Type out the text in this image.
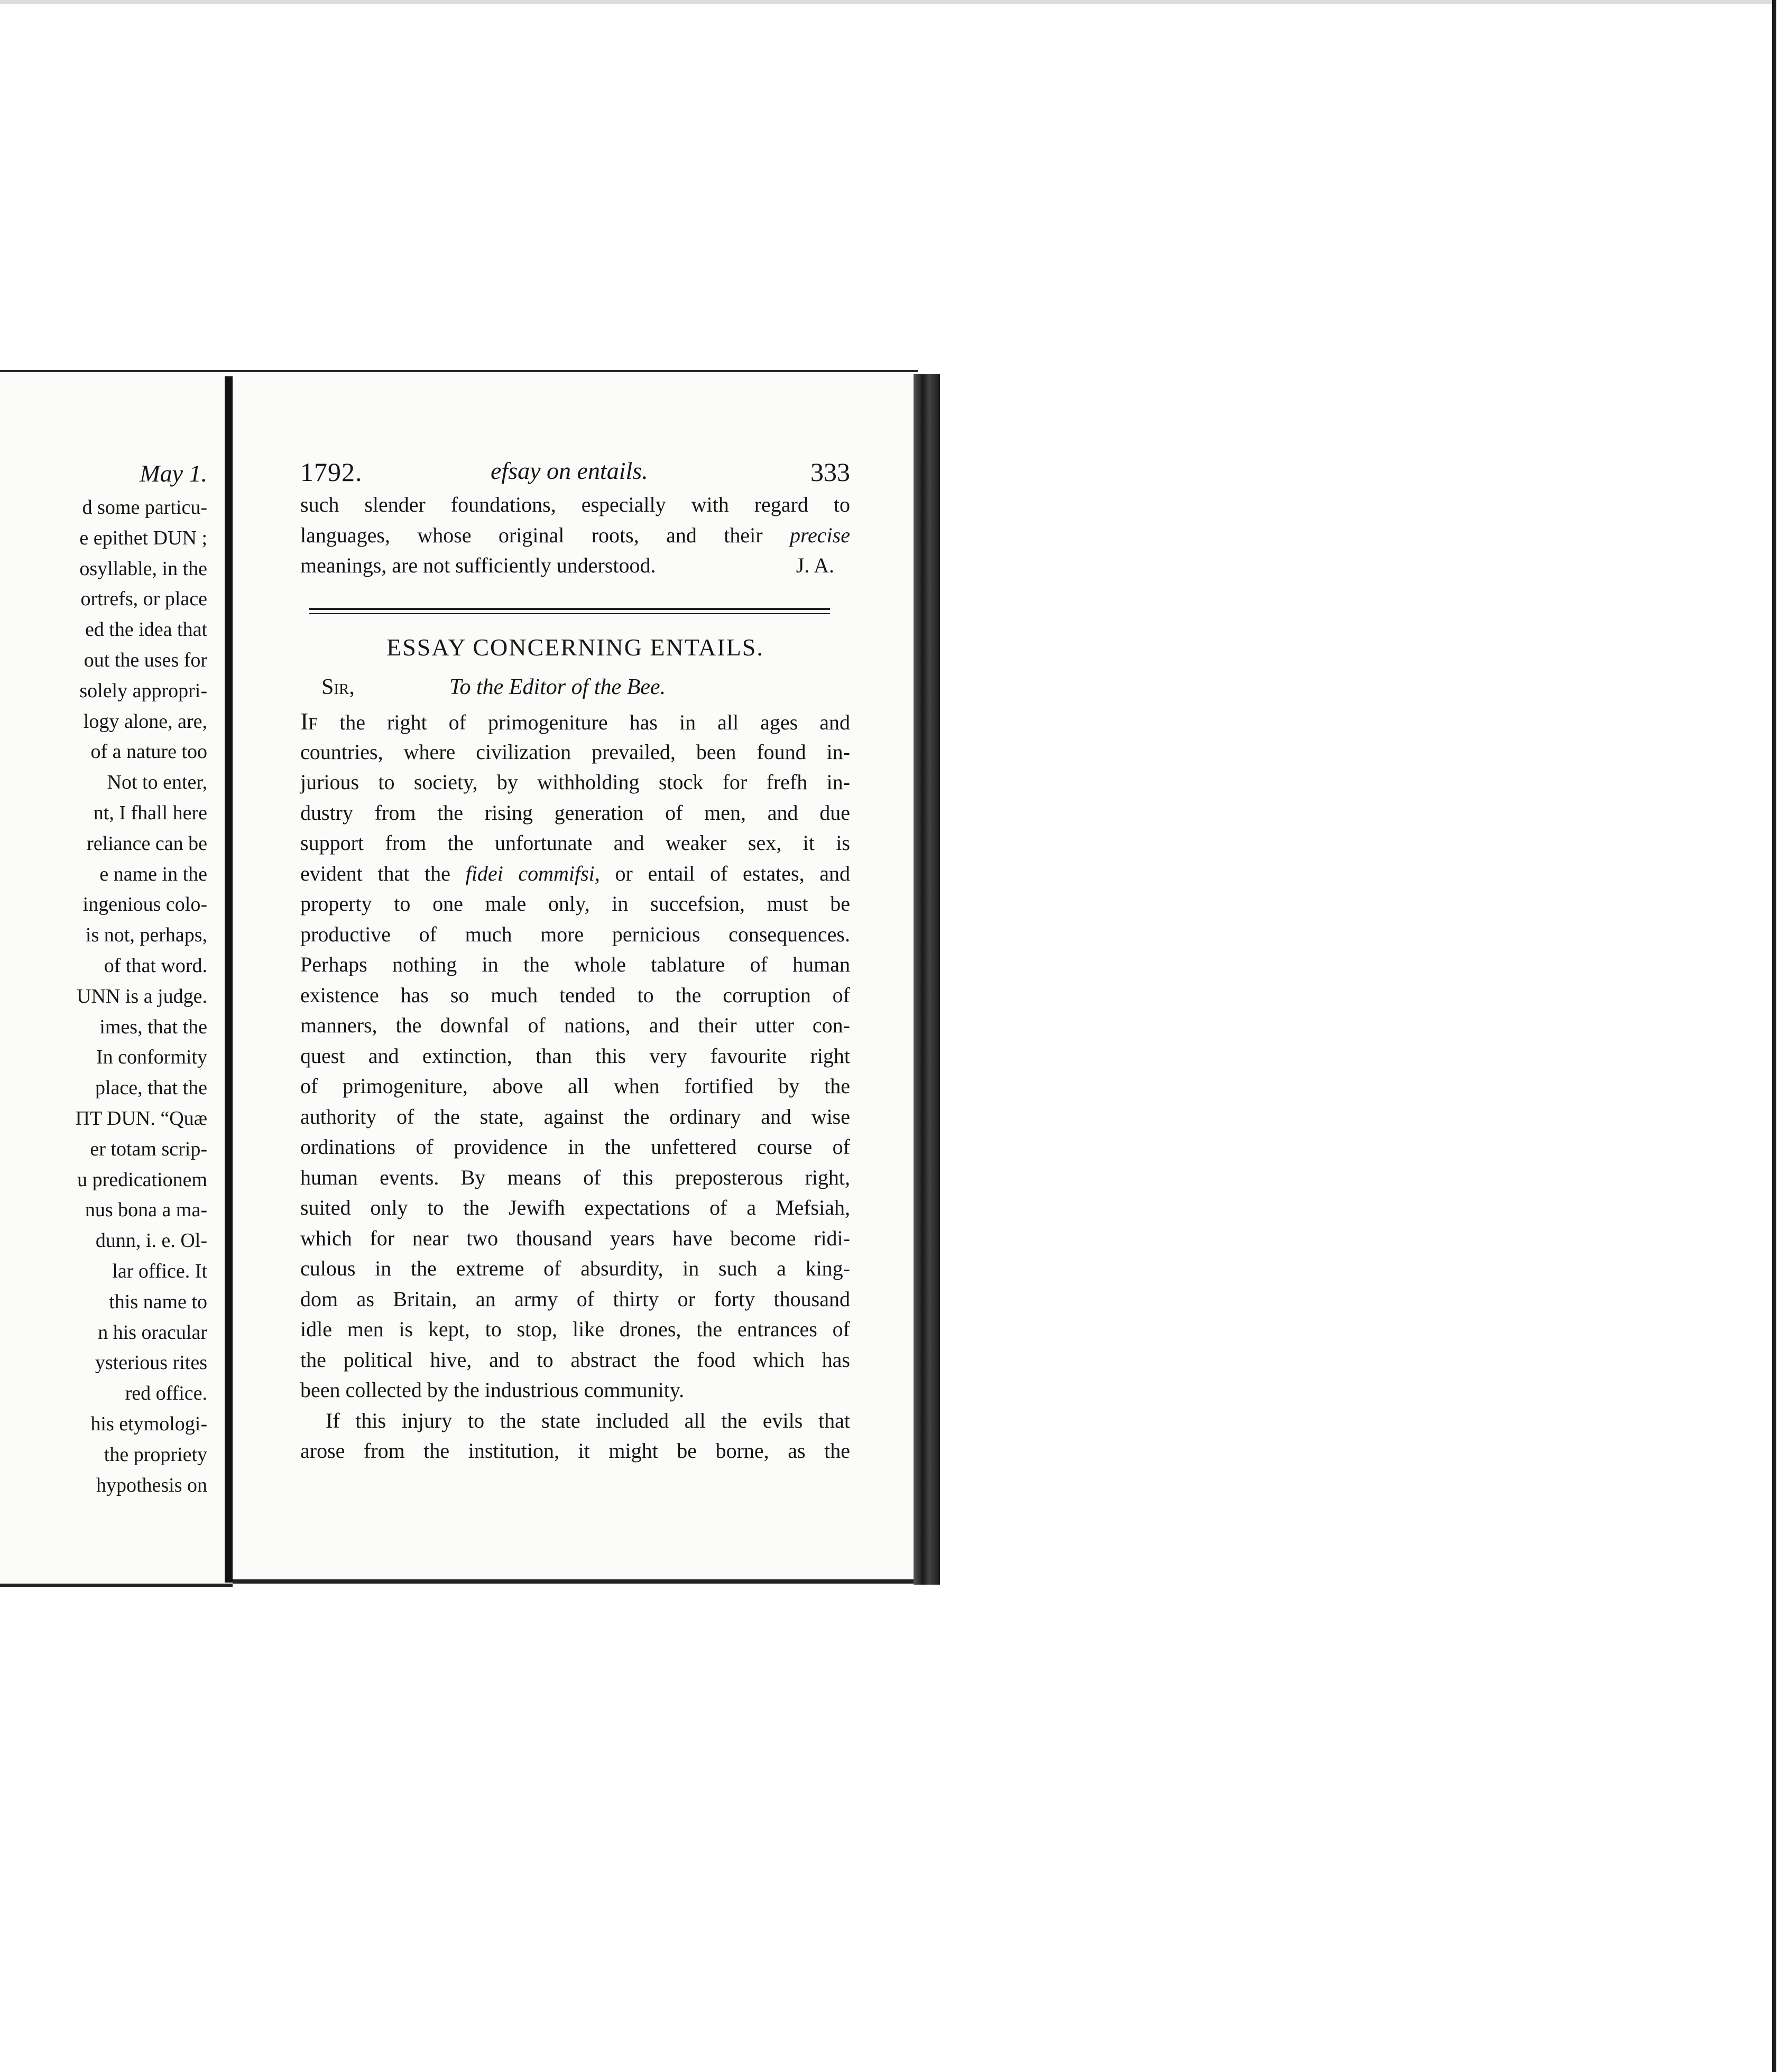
May 1.
d some particu-
e epithet DUN ;
osyllable, in the
ortrefs, or place
ed the idea that
out the uses for
solely appropri-
logy alone, are,
of a nature too
Not to enter,
nt, I fhall here
reliance can be
e name in the
ingenious colo-
is not, perhaps,
of that word.
UNN is a judge.
imes, that the
In conformity
place, that the
ΠΤ DUN. “Quæ
er totam scrip-
u predicationem
nus bona a ma-
dunn, i. e. Ol-
lar office. It
this name to
n his oracular
ysterious rites
red office.
his etymologi-
the propriety
hypothesis on
1792.	efsay on entails.	333
such slender foundations, especially with regard to
languages, whose original roots, and their precise
meanings, are not sufficiently understood.	J. A.
ESSAY CONCERNING ENTAILS.
Sir,	To the Editor of the Bee.
If the right of primogeniture has in all ages and
countries, where civilization prevailed, been found in-
jurious to society, by withholding stock for frefh in-
dustry from the rising generation of men, and due
support from the unfortunate and weaker sex, it is
evident that the fidei commifsi, or entail of estates, and
property to one male only, in succefsion, must be
productive of much more pernicious consequences.
Perhaps nothing in the whole tablature of human
existence has so much tended to the corruption of
manners, the downfal of nations, and their utter con-
quest and extinction, than this very favourite right
of primogeniture, above all when fortified by the
authority of the state, against the ordinary and wise
ordinations of providence in the unfettered course of
human events. By means of this preposterous right,
suited only to the Jewifh expectations of a Mefsiah,
which for near two thousand years have become ridi-
culous in the extreme of absurdity, in such a king-
dom as Britain, an army of thirty or forty thousand
idle men is kept, to stop, like drones, the entrances of
the political hive, and to abstract the food which has
been collected by the industrious community.
If this injury to the state included all the evils that
arose from the institution, it might be borne, as the
